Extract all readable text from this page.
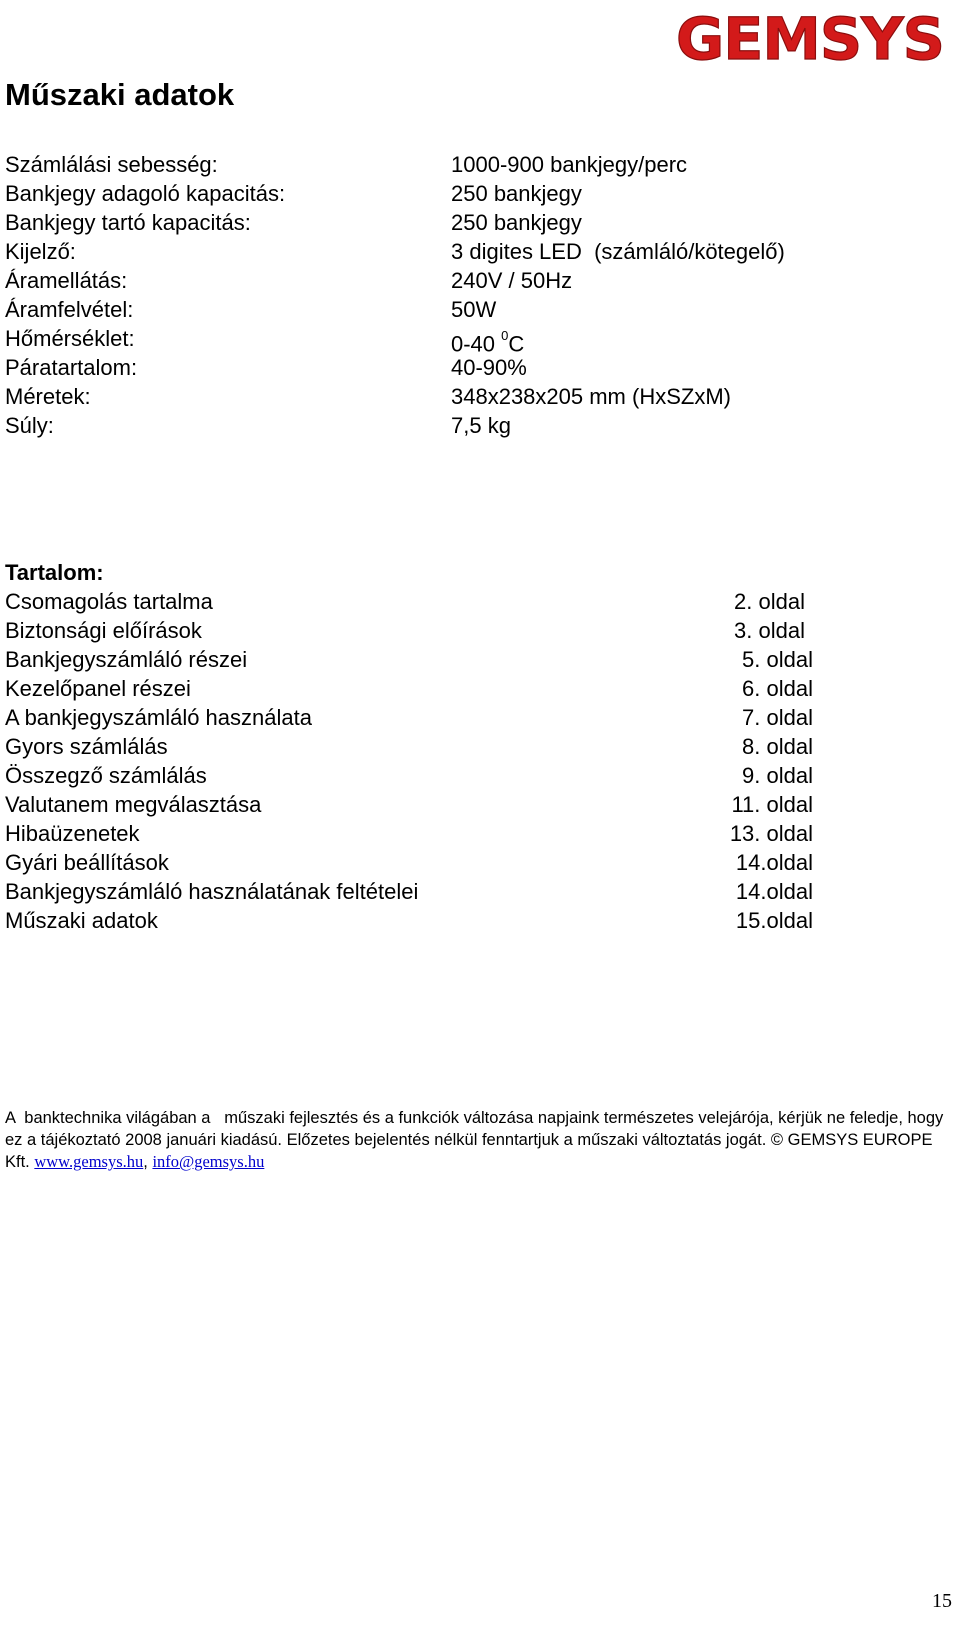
GEMSYS
Műszaki adatok
Számlálási sebesség:	1000-900 bankjegy/perc
Bankjegy adagoló kapacitás:	250 bankjegy
Bankjegy tartó kapacitás:	250 bankjegy
Kijelző:	3 digites LED  (számláló/kötegelő)
Áramellátás:	240V / 50Hz
Áramfelvétel:	50W
Hőmérséklet:	0-40 $^0$C
Páratartalom:	40-90%
Méretek:	348x238x205 mm (HxSZxM)
Súly:	7,5 kg
Tartalom:
Csomagolás tartalma	2. oldal
Biztonsági előírások	3. oldal
Bankjegyszámláló részei	5. oldal
Kezelőpanel részei	6. oldal
A bankjegyszámláló használata	7. oldal
Gyors számlálás	8. oldal
Összegző számlálás	9. oldal
Valutanem megválasztása	11. oldal
Hibaüzenetek	13. oldal
Gyári beállítások	14.oldal
Bankjegyszámláló használatának feltételei	14.oldal
Műszaki adatok	15.oldal

A  banktechnika világában a   műszaki fejlesztés és a funkciók változása napjaink természetes velejárója, kérjük ne feledje, hogy ez a tájékoztató 2008 januári kiadású. Előzetes bejelentés nélkül fenntartjuk a műszaki változtatás jogát. © GEMSYS EUROPE Kft. www.gemsys.hu, info@gemsys.hu

15
